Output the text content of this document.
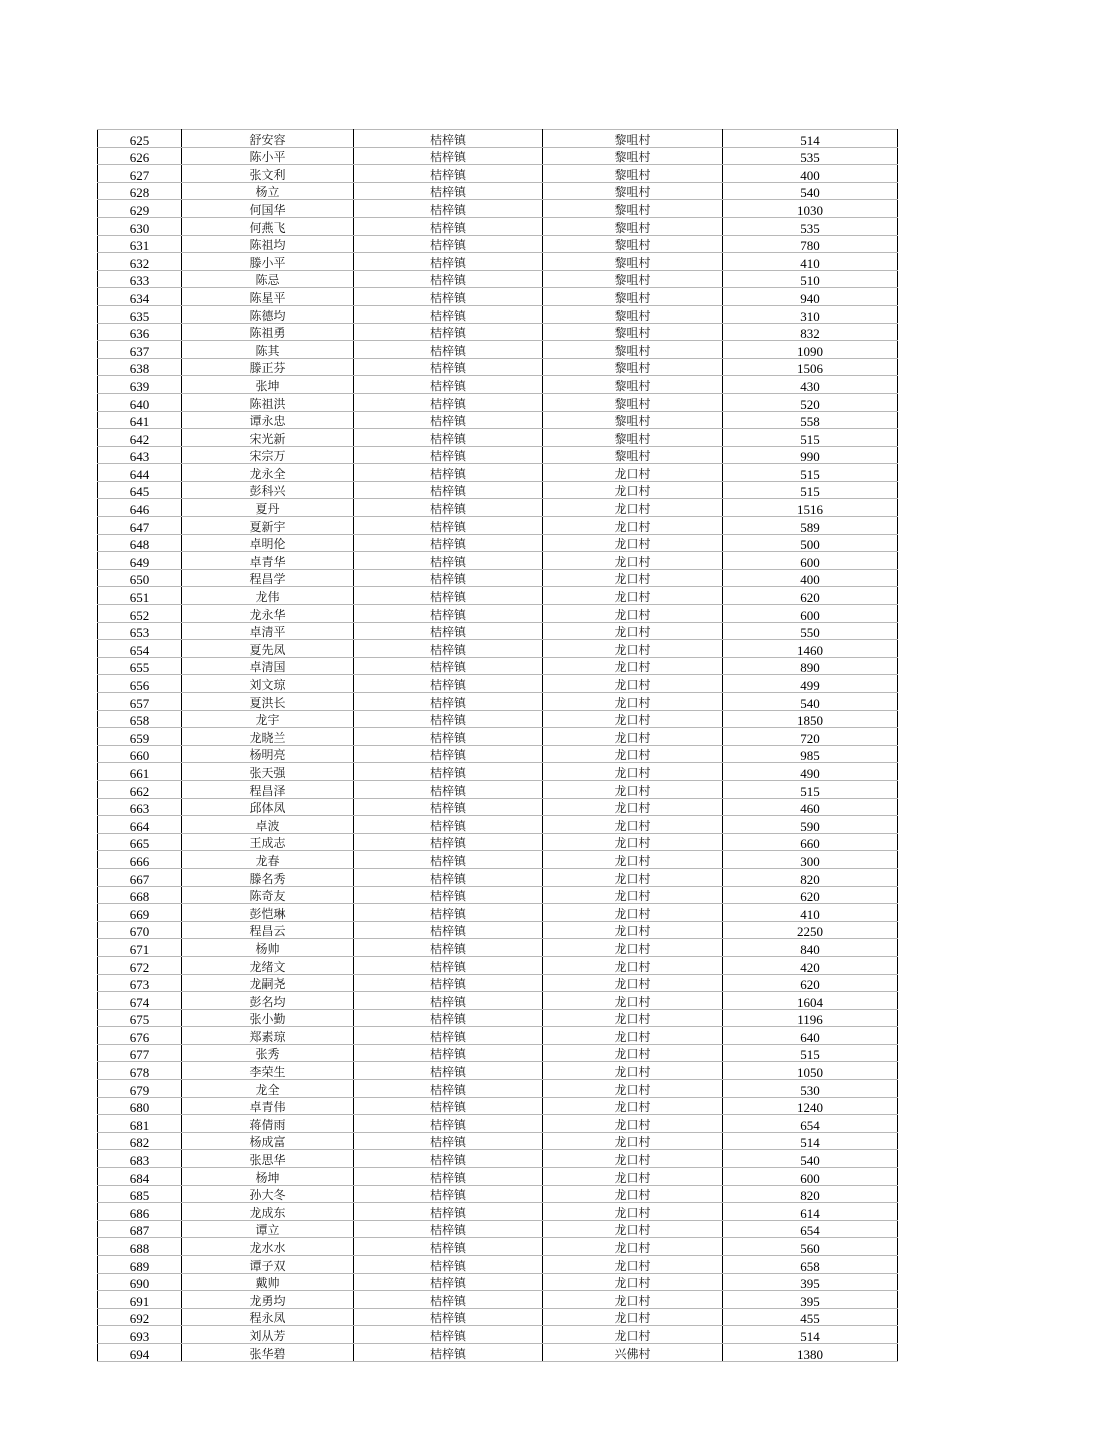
625	舒安容	桔梓镇	黎咀村	514
626	陈小平	桔梓镇	黎咀村	535
627	张文利	桔梓镇	黎咀村	400
628	杨立	桔梓镇	黎咀村	540
629	何国华	桔梓镇	黎咀村	1030
630	何燕飞	桔梓镇	黎咀村	535
631	陈祖均	桔梓镇	黎咀村	780
632	滕小平	桔梓镇	黎咀村	410
633	陈忌	桔梓镇	黎咀村	510
634	陈星平	桔梓镇	黎咀村	940
635	陈德均	桔梓镇	黎咀村	310
636	陈祖勇	桔梓镇	黎咀村	832
637	陈其	桔梓镇	黎咀村	1090
638	滕正芬	桔梓镇	黎咀村	1506
639	张坤	桔梓镇	黎咀村	430
640	陈祖洪	桔梓镇	黎咀村	520
641	谭永忠	桔梓镇	黎咀村	558
642	宋光新	桔梓镇	黎咀村	515
643	宋宗万	桔梓镇	黎咀村	990
644	龙永全	桔梓镇	龙口村	515
645	彭科兴	桔梓镇	龙口村	515
646	夏丹	桔梓镇	龙口村	1516
647	夏新宇	桔梓镇	龙口村	589
648	卓明伦	桔梓镇	龙口村	500
649	卓青华	桔梓镇	龙口村	600
650	程昌学	桔梓镇	龙口村	400
651	龙伟	桔梓镇	龙口村	620
652	龙永华	桔梓镇	龙口村	600
653	卓清平	桔梓镇	龙口村	550
654	夏先凤	桔梓镇	龙口村	1460
655	卓清国	桔梓镇	龙口村	890
656	刘文琼	桔梓镇	龙口村	499
657	夏洪长	桔梓镇	龙口村	540
658	龙宇	桔梓镇	龙口村	1850
659	龙晓兰	桔梓镇	龙口村	720
660	杨明亮	桔梓镇	龙口村	985
661	张天强	桔梓镇	龙口村	490
662	程昌泽	桔梓镇	龙口村	515
663	邱体凤	桔梓镇	龙口村	460
664	卓波	桔梓镇	龙口村	590
665	王成志	桔梓镇	龙口村	660
666	龙春	桔梓镇	龙口村	300
667	滕名秀	桔梓镇	龙口村	820
668	陈奇友	桔梓镇	龙口村	620
669	彭恺琳	桔梓镇	龙口村	410
670	程昌云	桔梓镇	龙口村	2250
671	杨帅	桔梓镇	龙口村	840
672	龙绪文	桔梓镇	龙口村	420
673	龙嗣尧	桔梓镇	龙口村	620
674	彭名均	桔梓镇	龙口村	1604
675	张小勤	桔梓镇	龙口村	1196
676	郑素琼	桔梓镇	龙口村	640
677	张秀	桔梓镇	龙口村	515
678	李荣生	桔梓镇	龙口村	1050
679	龙全	桔梓镇	龙口村	530
680	卓青伟	桔梓镇	龙口村	1240
681	蒋倩雨	桔梓镇	龙口村	654
682	杨成富	桔梓镇	龙口村	514
683	张思华	桔梓镇	龙口村	540
684	杨坤	桔梓镇	龙口村	600
685	孙大冬	桔梓镇	龙口村	820
686	龙成东	桔梓镇	龙口村	614
687	谭立	桔梓镇	龙口村	654
688	龙水水	桔梓镇	龙口村	560
689	谭子双	桔梓镇	龙口村	658
690	戴帅	桔梓镇	龙口村	395
691	龙勇均	桔梓镇	龙口村	395
692	程永凤	桔梓镇	龙口村	455
693	刘从芳	桔梓镇	龙口村	514
694	张华碧	桔梓镇	兴佛村	1380
